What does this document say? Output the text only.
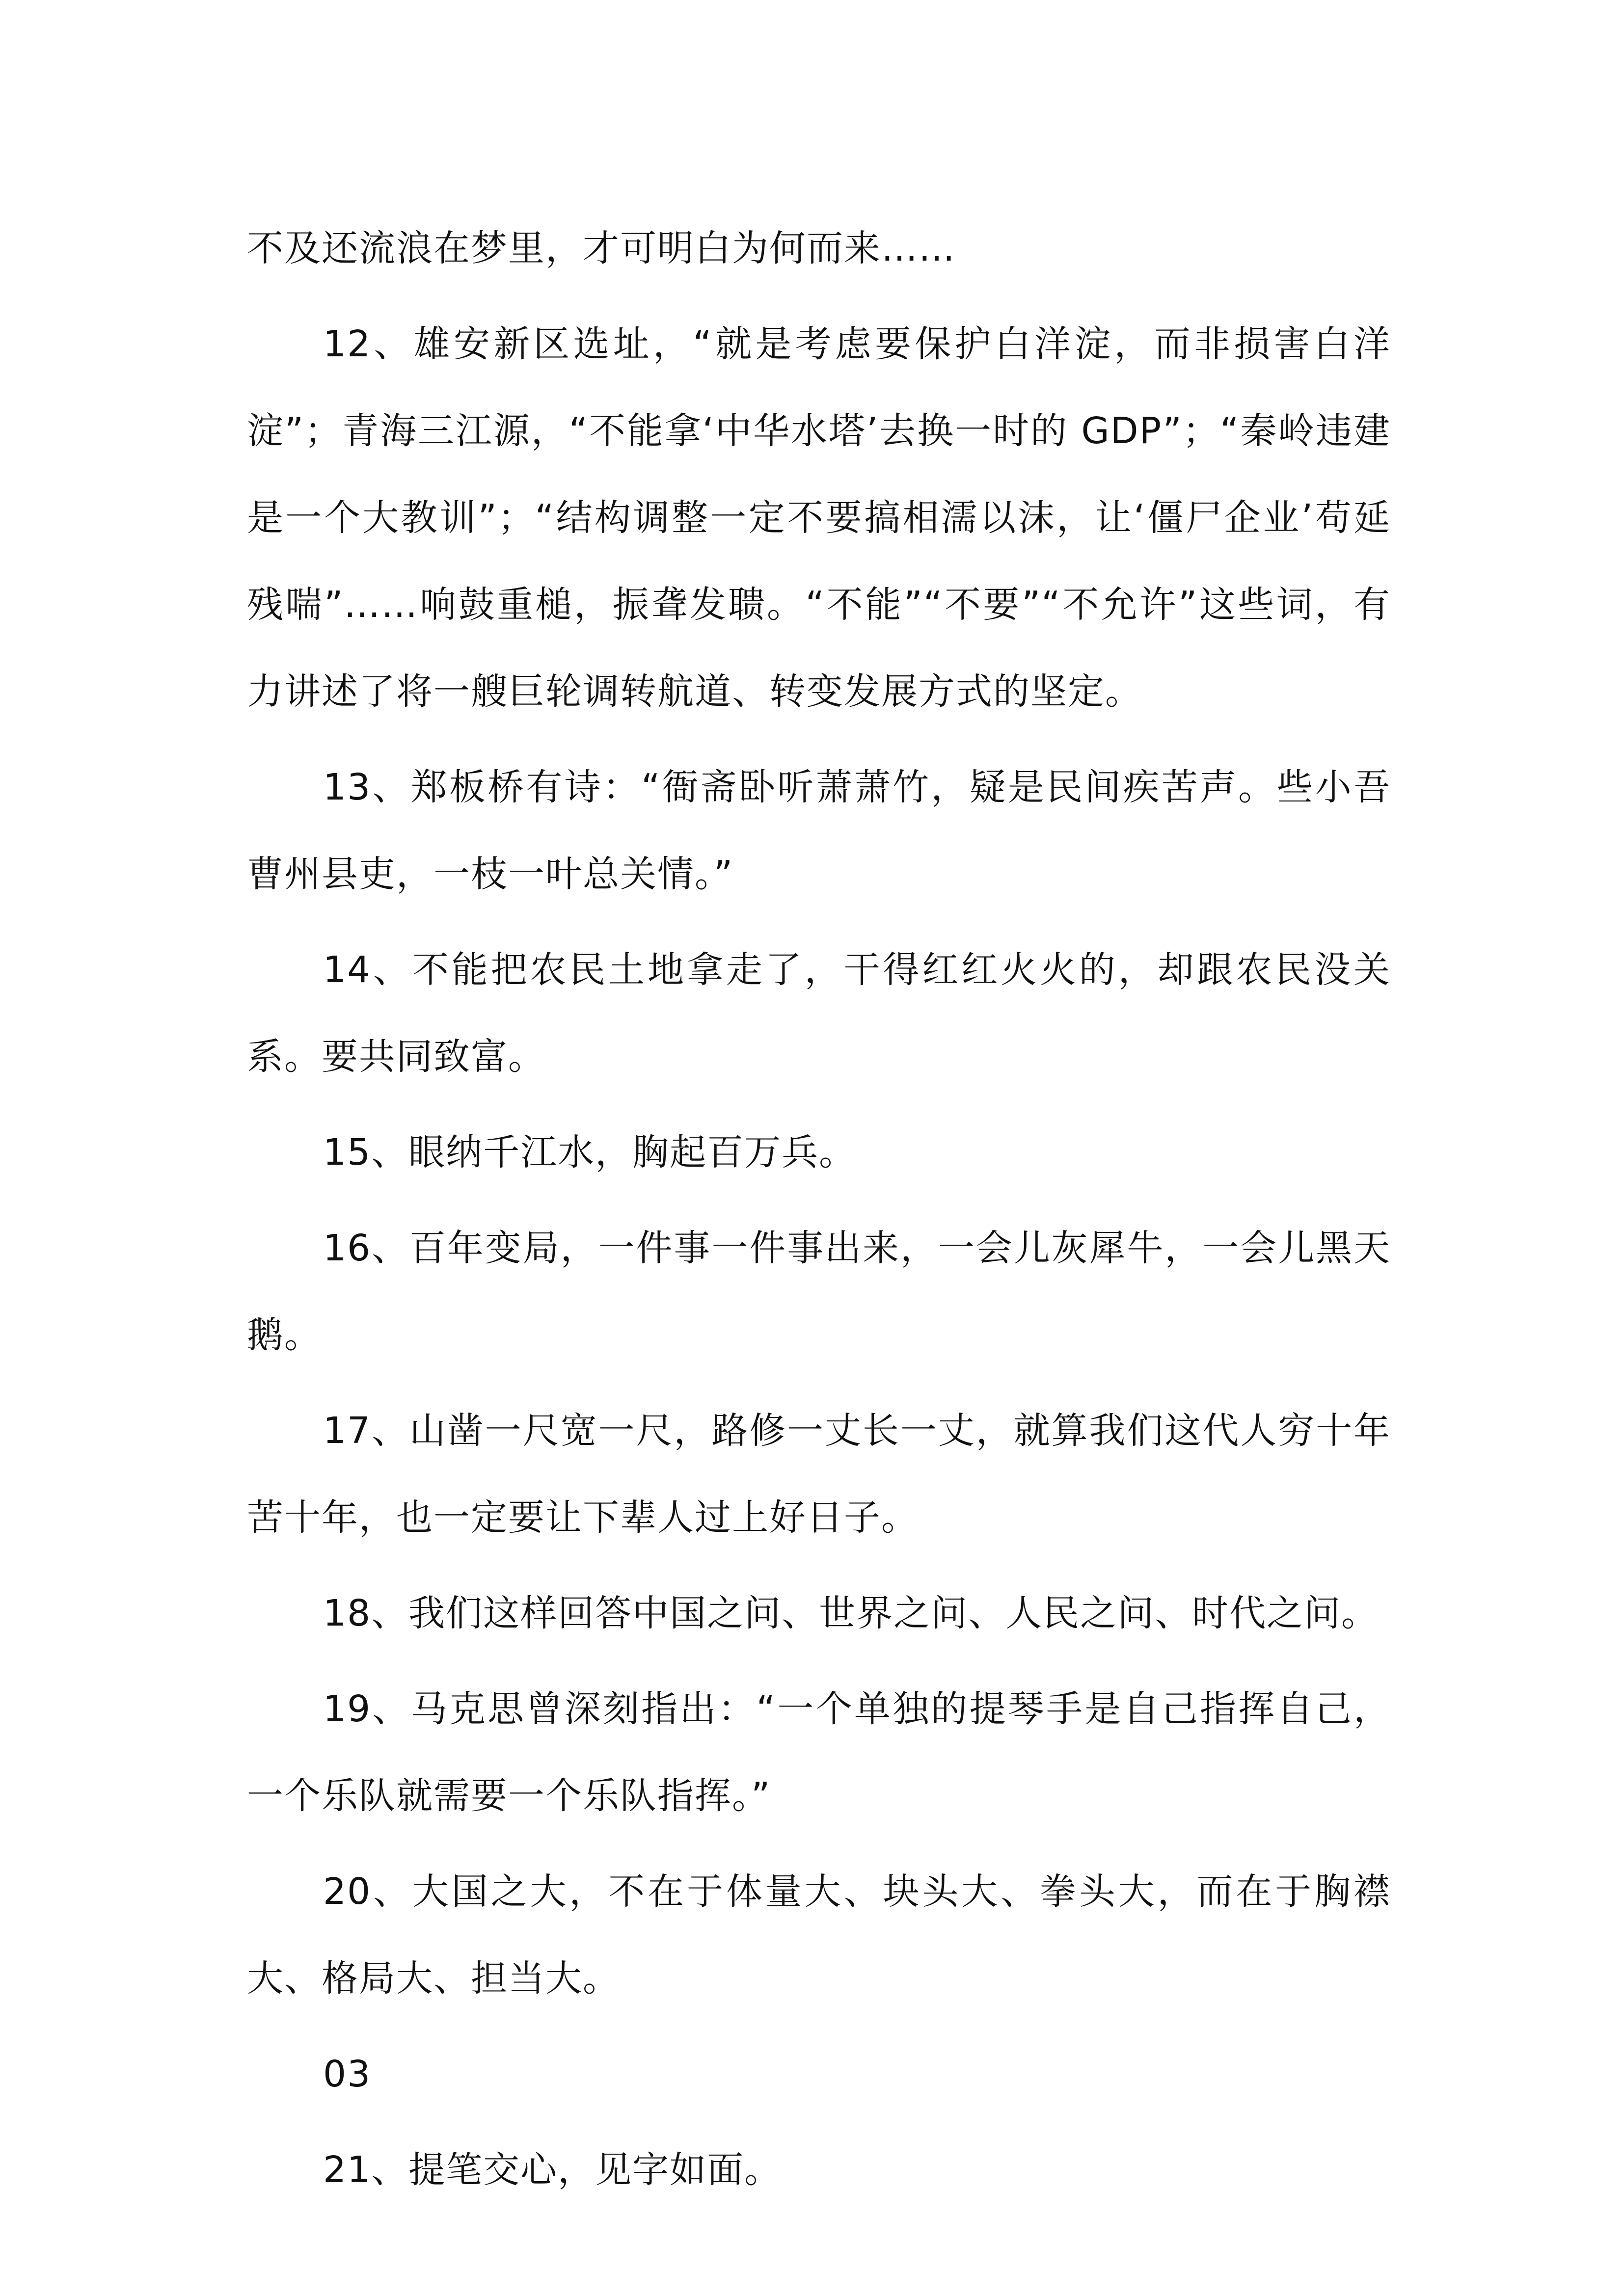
不及还流浪在梦里，才可明白为何而来……

12、雄安新区选址，“就是考虑要保护白洋淀，而非损害白洋淀”；青海三江源，“不能拿‘中华水塔’去换一时的 GDP”；“秦岭违建是一个大教训”；“结构调整一定不要搞相濡以沫，让‘僵尸企业’苟延残喘”……响鼓重槌，振聋发聩。“不能”“不要”“不允许”这些词，有力讲述了将一艘巨轮调转航道、转变发展方式的坚定。

13、郑板桥有诗：“衙斋卧听萧萧竹，疑是民间疾苦声。些小吾曹州县吏，一枝一叶总关情。”

14、不能把农民土地拿走了，干得红红火火的，却跟农民没关系。要共同致富。

15、眼纳千江水，胸起百万兵。

16、百年变局，一件事一件事出来，一会儿灰犀牛，一会儿黑天鹅。

17、山凿一尺宽一尺，路修一丈长一丈，就算我们这代人穷十年苦十年，也一定要让下辈人过上好日子。

18、我们这样回答中国之问、世界之问、人民之问、时代之问。

19、马克思曾深刻指出：“一个单独的提琴手是自己指挥自己，一个乐队就需要一个乐队指挥。”

20、大国之大，不在于体量大、块头大、拳头大，而在于胸襟大、格局大、担当大。

03

21、提笔交心，见字如面。
